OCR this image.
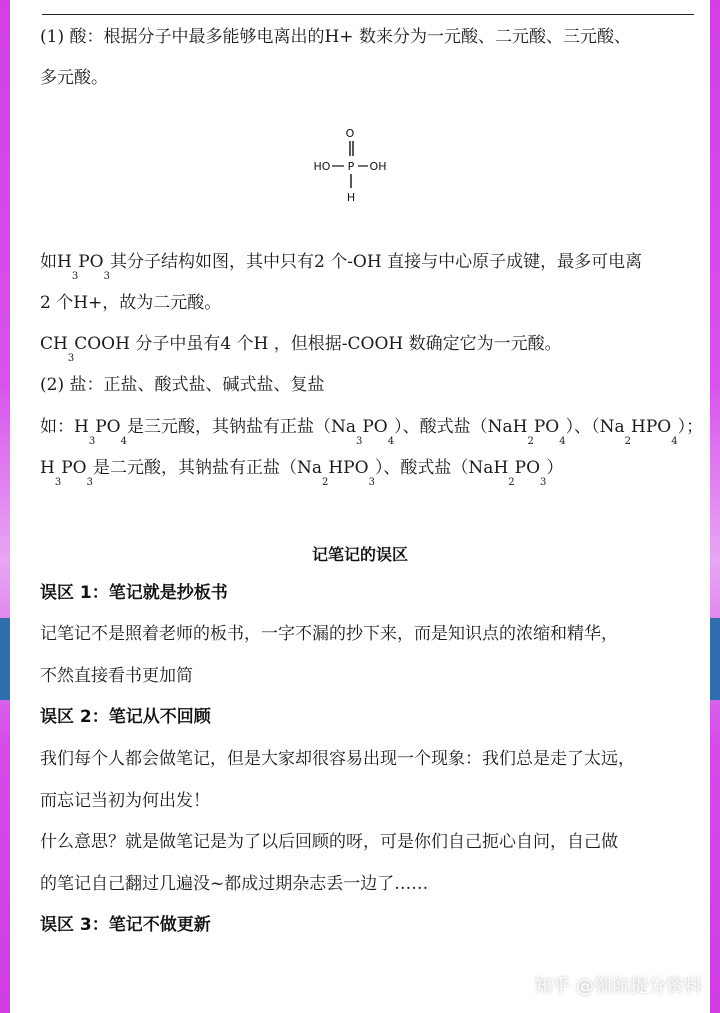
(1) 酸：根据分子中最多能够电离出的H+ 数来分为一元酸、二元酸、三元酸、
多元酸。
O
P
HO	OH
H
如$H_3PO_3$其分子结构如图，其中只有2 个-OH 直接与中心原子成键，最多可电离
2 个H+，故为二元酸。
$CH_3COOH$ 分子中虽有4 个H ，但根据-COOH 数确定它为一元酸。
(2) 盐：正盐、酸式盐、碱式盐、复盐
如：$H_3PO_4$是三元酸，其钠盐有正盐$(Na_3PO_4)$、酸式盐$(NaH_2PO_4)$、$(Na_2HPO_4)$；
$H_3PO_3$是二元酸，其钠盐有正盐$(Na_2HPO_3)$、酸式盐$(NaH_2PO_3)$
记笔记的误区
误区 1：笔记就是抄板书
记笔记不是照着老师的板书，一字不漏的抄下来，而是知识点的浓缩和精华，
不然直接看书更加简
误区 2：笔记从不回顾
我们每个人都会做笔记，但是大家却很容易出现一个现象：我们总是走了太远，
而忘记当初为何出发！
什么意思？就是做笔记是为了以后回顾的呀，可是你们自己扼心自问，自己做
的笔记自己翻过几遍没~都成过期杂志丢一边了……
误区 3：笔记不做更新
知乎 @领航提分资料
